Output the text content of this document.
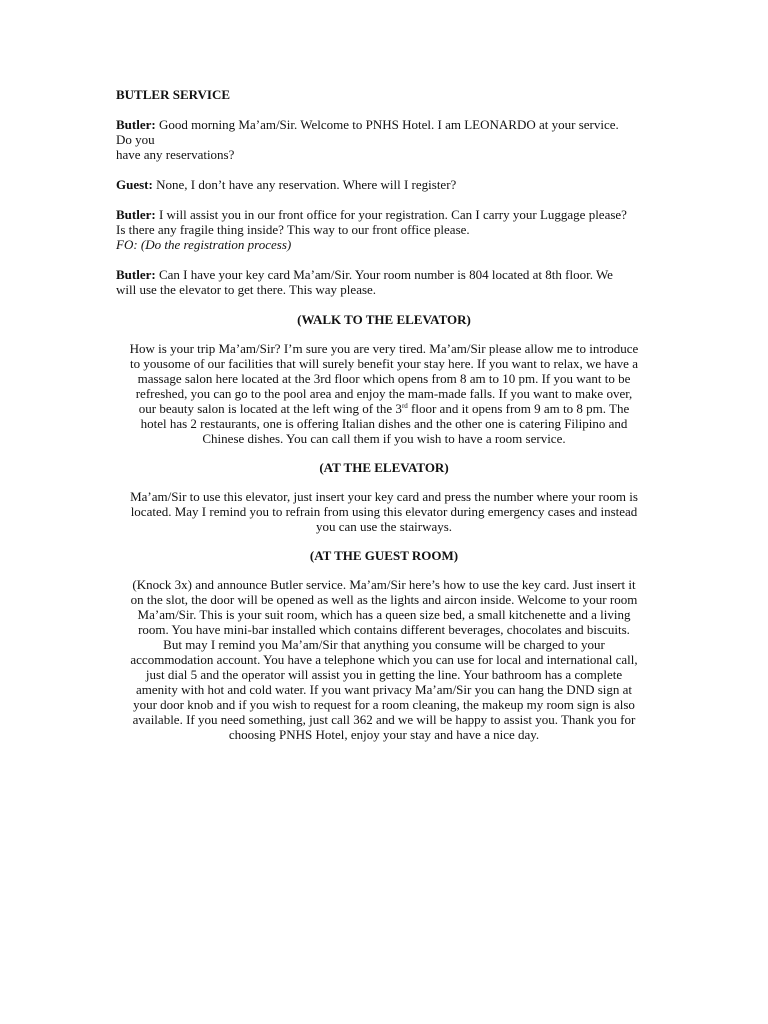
BUTLER SERVICE
Butler: Good morning Ma’am/Sir. Welcome to PNHS Hotel. I am LEONARDO at your service.
Do you
have any reservations?
Guest: None, I don’t have any reservation. Where will I register?
Butler: I will assist you in our front office for your registration. Can I carry your Luggage please?
Is there any fragile thing inside? This way to our front office please.
FO: (Do the registration process)
Butler: Can I have your key card Ma’am/Sir. Your room number is 804 located at 8th floor. We
will use the elevator to get there. This way please.
(WALK TO THE ELEVATOR)
How is your trip Ma’am/Sir? I’m sure you are very tired. Ma’am/Sir please allow me to introduce
to yousome of our facilities that will surely benefit your stay here. If you want to relax, we have a
massage salon here located at the 3rd floor which opens from 8 am to 10 pm. If you want to be
refreshed, you can go to the pool area and enjoy the mam-made falls. If you want to make over,
our beauty salon is located at the left wing of the 3rd floor and it opens from 9 am to 8 pm. The
hotel has 2 restaurants, one is offering Italian dishes and the other one is catering Filipino and
Chinese dishes. You can call them if you wish to have a room service.
(AT THE ELEVATOR)
Ma’am/Sir to use this elevator, just insert your key card and press the number where your room is
located. May I remind you to refrain from using this elevator during emergency cases and instead
you can use the stairways.
(AT THE GUEST ROOM)
(Knock 3x) and announce Butler service. Ma’am/Sir here’s how to use the key card. Just insert it
on the slot, the door will be opened as well as the lights and aircon inside. Welcome to your room
Ma’am/Sir. This is your suit room, which has a queen size bed, a small kitchenette and a living
room. You have mini-bar installed which contains different beverages, chocolates and biscuits.
But may I remind you Ma’am/Sir that anything you consume will be charged to your
accommodation account. You have a telephone which you can use for local and international call,
just dial 5 and the operator will assist you in getting the line. Your bathroom has a complete
amenity with hot and cold water. If you want privacy Ma’am/Sir you can hang the DND sign at
your door knob and if you wish to request for a room cleaning, the makeup my room sign is also
available. If you need something, just call 362 and we will be happy to assist you. Thank you for
choosing PNHS Hotel, enjoy your stay and have a nice day.
